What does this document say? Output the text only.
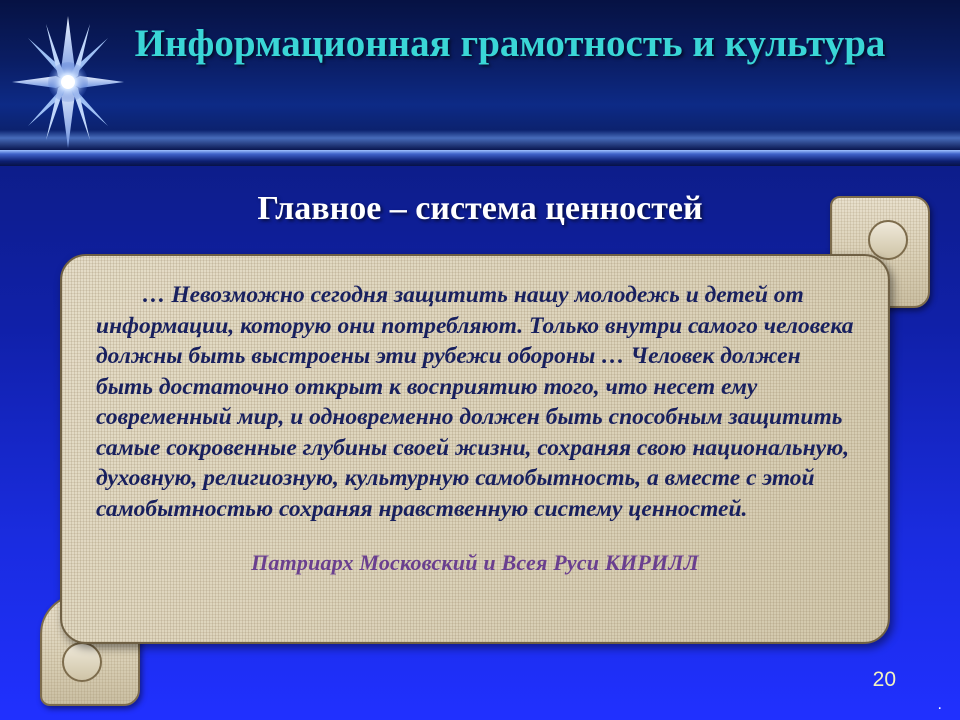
Информационная грамотность и культура
Главное – система ценностей

… Невозможно сегодня защитить нашу молодежь и детей от информации, которую они потребляют. Только внутри самого человека должны быть выстроены эти рубежи обороны … Человек должен быть достаточно открыт к восприятию того, что несет ему современный мир, и одновременно должен быть способным защитить самые сокровенные глубины своей жизни, сохраняя свою национальную, духовную, религиозную, культурную самобытность, а вместе с этой самобытностью сохраняя нравственную систему ценностей.

Патриарх Московский и Всея Руси КИРИЛЛ
20
.
